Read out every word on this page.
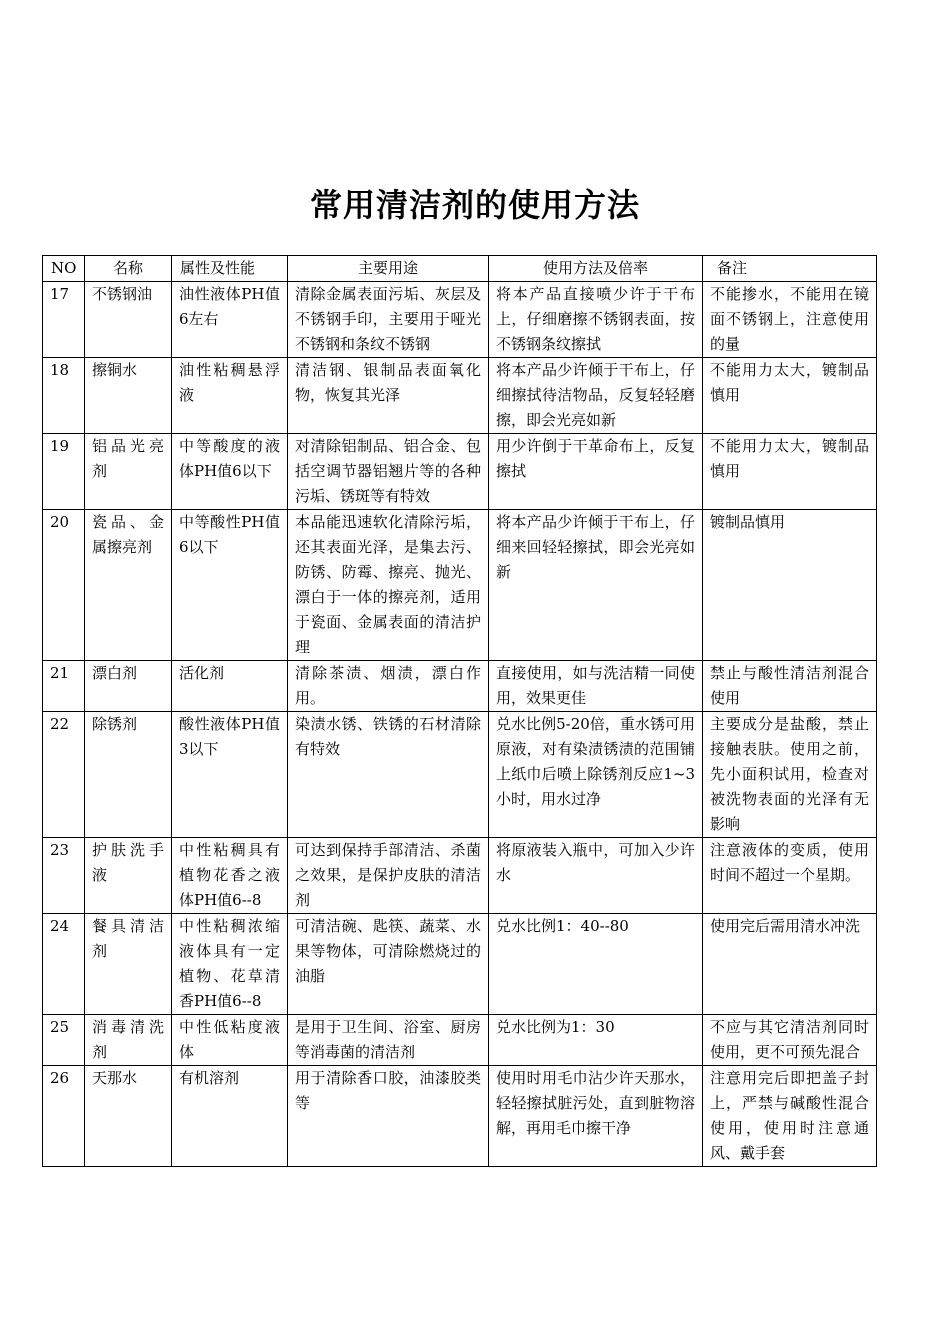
常用清洁剂的使用方法
NO	名称	属性及性能	主要用途	使用方法及倍率	备注
17	不锈钢油	油性液体PH值6左右	清除金属表面污垢、灰层及不锈钢手印，主要用于哑光不锈钢和条纹不锈钢	将本产品直接喷少许于干布上，仔细磨擦不锈钢表面，按不锈钢条纹擦拭	不能掺水，不能用在镜面不锈钢上，注意使用的量
18	擦铜水	油性粘稠悬浮液	清洁钢、银制品表面氧化物，恢复其光泽	将本产品少许倾于干布上，仔细擦拭待洁物品，反复轻轻磨擦，即会光亮如新	不能用力太大，镀制品慎用
19	铝品光亮剂	中等酸度的液体PH值6以下	对清除铝制品、铝合金、包括空调节器铝翘片等的各种污垢、锈斑等有特效	用少许倒于干革命布上，反复擦拭	不能用力太大，镀制品慎用
20	瓷品、金属擦亮剂	中等酸性PH值6以下	本品能迅速软化清除污垢，还其表面光泽，是集去污、防锈、防霉、擦亮、抛光、漂白于一体的擦亮剂，适用于瓷面、金属表面的清洁护理	将本产品少许倾于干布上，仔细来回轻轻擦拭，即会光亮如新	镀制品慎用
21	漂白剂	活化剂	清除茶渍、烟渍，漂白作用。	直接使用，如与洗洁精一同使用，效果更佳	禁止与酸性清洁剂混合使用
22	除锈剂	酸性液体PH值3以下	染渍水锈、铁锈的石材清除有特效	兑水比例5-20倍，重水锈可用原液，对有染渍锈渍的范围铺上纸巾后喷上除锈剂反应1~3小时，用水过净	主要成分是盐酸，禁止接触表肤。使用之前，先小面积试用，检查对被洗物表面的光泽有无影响
23	护肤洗手液	中性粘稠具有植物花香之液体PH值6--8	可达到保持手部清洁、杀菌之效果，是保护皮肤的清洁剂	将原液装入瓶中，可加入少许水	注意液体的变质，使用时间不超过一个星期。
24	餐具清洁剂	中性粘稠浓缩液体具有一定植物、花草清香PH值6--8	可清洁碗、匙筷、蔬菜、水果等物体，可清除燃烧过的油脂	兑水比例1：40--80	使用完后需用清水冲洗
25	消毒清洗剂	中性低粘度液体	是用于卫生间、浴室、厨房等消毒菌的清洁剂	兑水比例为1：30	不应与其它清洁剂同时使用，更不可预先混合
26	天那水	有机溶剂	用于清除香口胶，油漆胶类等	使用时用毛巾沾少许天那水，轻轻擦拭脏污处，直到脏物溶解，再用毛巾擦干净	注意用完后即把盖子封上，严禁与碱酸性混合使用，使用时注意通风、戴手套
